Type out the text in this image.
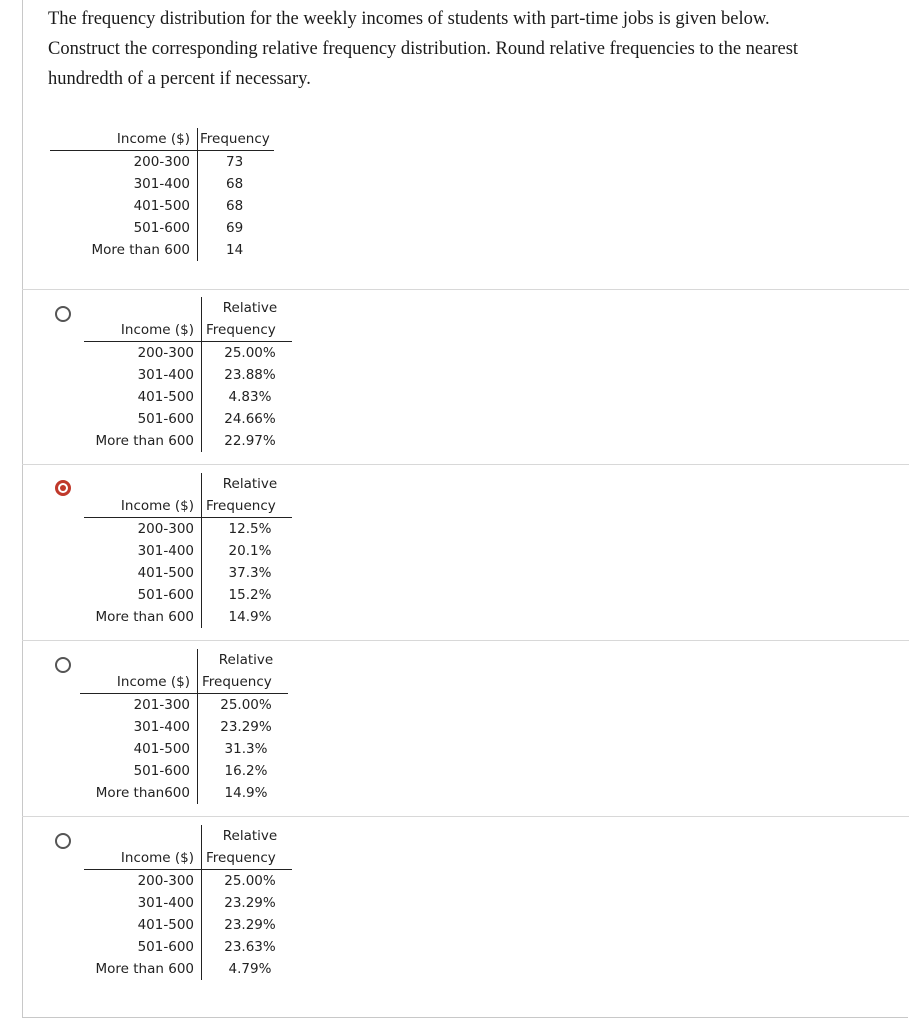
The frequency distribution for the weekly incomes of students with part-time jobs is given below.

Construct the corresponding relative frequency distribution. Round relative frequencies to the nearest

hundredth of a percent if necessary.

Income ($)	Frequency
200-300	73
301-400	68
401-500	68
501-600	69
More than 600	14
	Relative
Income ($)	Frequency
200-300	25.00%
301-400	23.88%
401-500	4.83%
501-600	24.66%
More than 600	22.97%
	Relative
Income ($)	Frequency
200-300	12.5%
301-400	20.1%
401-500	37.3%
501-600	15.2%
More than 600	14.9%
	Relative
Income ($)	Frequency
201-300	25.00%
301-400	23.29%
401-500	31.3%
501-600	16.2%
More than600	14.9%
	Relative
Income ($)	Frequency
200-300	25.00%
301-400	23.29%
401-500	23.29%
501-600	23.63%
More than 600	4.79%
